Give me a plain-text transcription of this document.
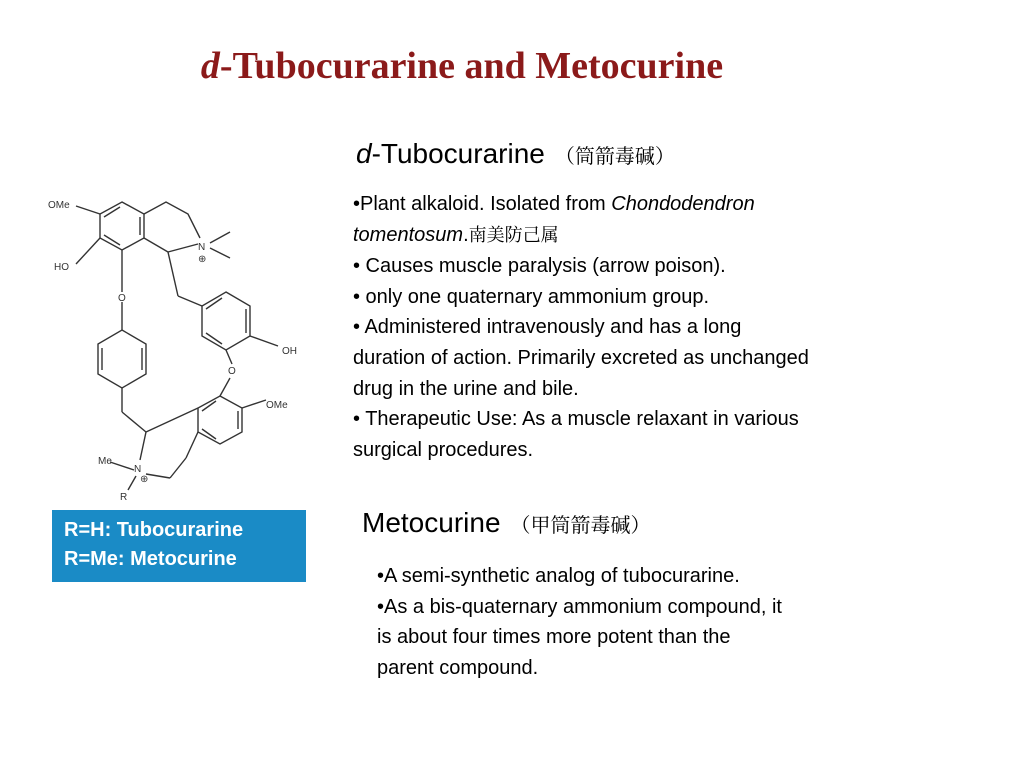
d-Tubocurarine and Metocurine
OMe
HO
O
N
⊕
OH
O
OMe
Me
N
⊕
R
R=H: Tubocurarine
R=Me: Metocurine
d-Tubocurarine （筒箭毒碱）

•Plant alkaloid. Isolated from Chondodendron

tomentosum.南美防己属

• Causes muscle paralysis (arrow poison).

• only one quaternary ammonium group.

• Administered intravenously and has a long

duration of action. Primarily excreted as unchanged

drug in the urine and bile.

• Therapeutic Use: As a muscle relaxant in various

surgical procedures.

Metocurine （甲筒箭毒碱）

•A semi-synthetic analog of tubocurarine.

•As a bis-quaternary ammonium compound, it

is about four times more potent than the

parent compound.
